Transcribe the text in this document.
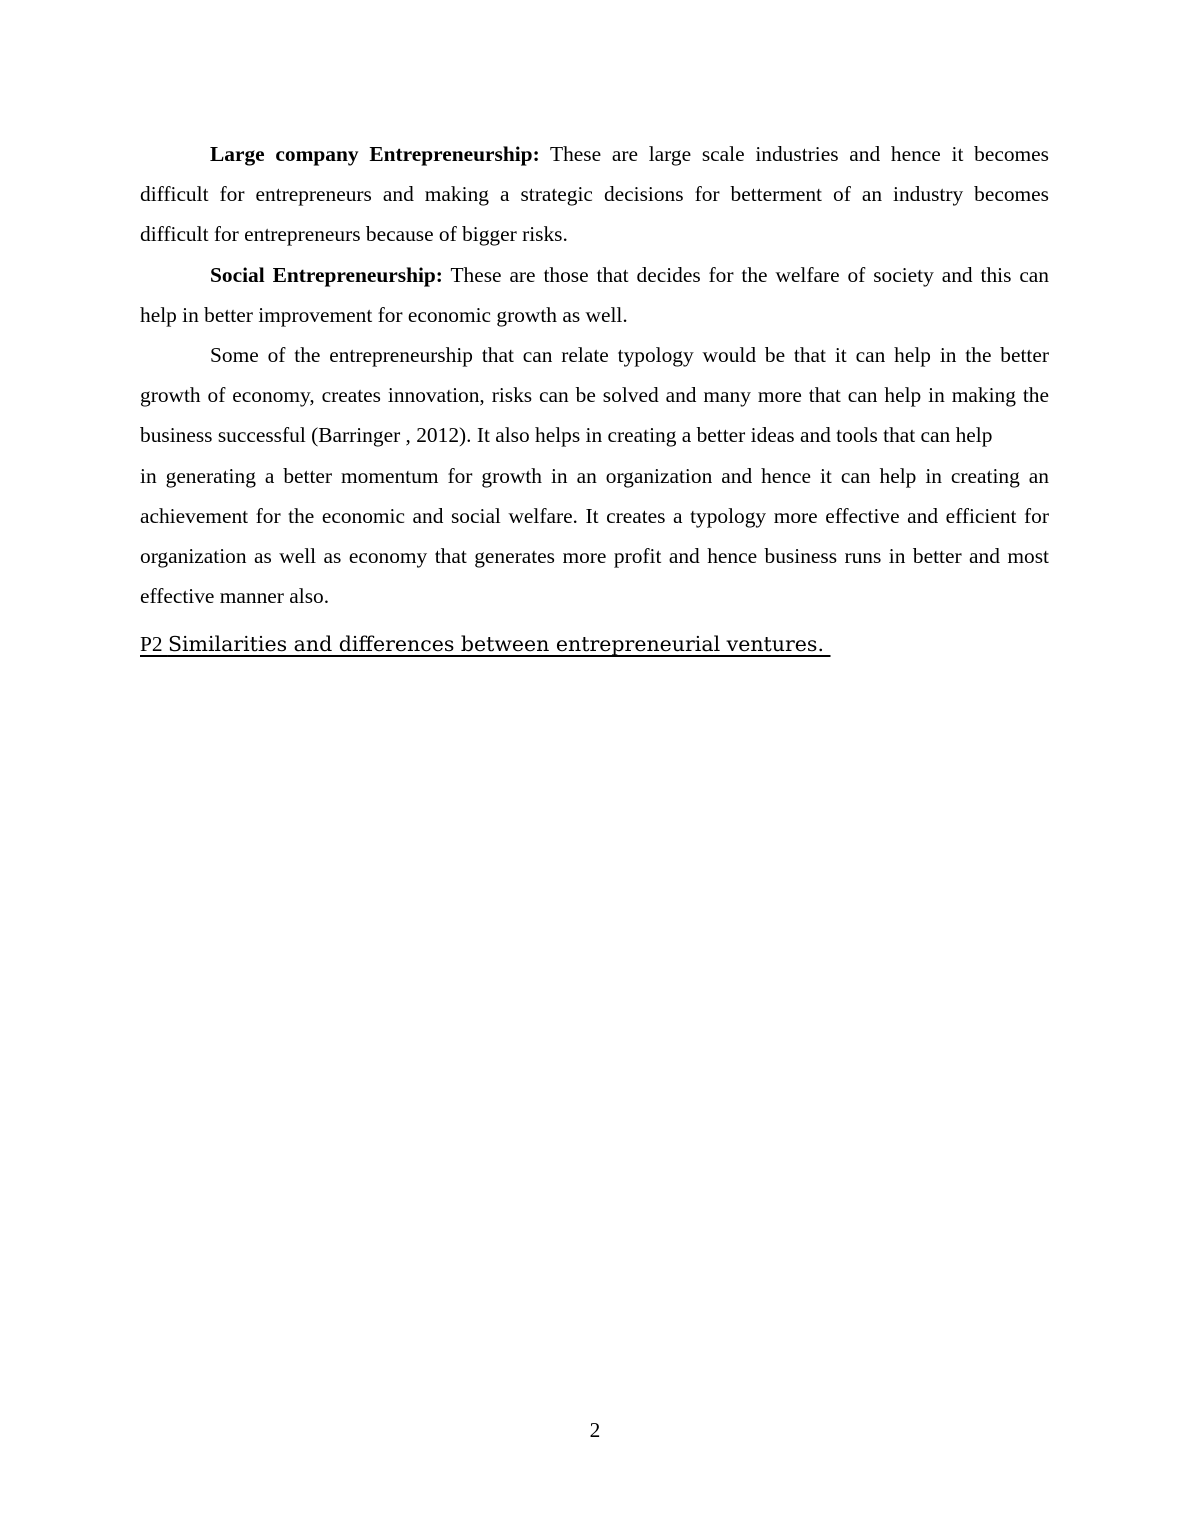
Large company Entrepreneurship: These are large scale industries and hence it becomes difficult for entrepreneurs and making a strategic decisions for betterment of an industry becomes difficult for entrepreneurs because of bigger risks.

Social Entrepreneurship: These are those that decides for the welfare of society and this can help in better improvement for economic growth as well.

Some of the entrepreneurship that can relate typology would be that it can help in the better growth of economy, creates innovation, risks can be solved and many more that can help in making the business successful (Barringer , 2012). It also helps in creating a better ideas and tools that can help

in generating a better momentum for growth in an organization and hence it can help in creating an achievement for the economic and social welfare. It creates a typology more effective and efficient for organization as well as economy that generates more profit and hence business runs in better and most effective manner also.

P2 Similarities and differences between entrepreneurial ventures.
2
